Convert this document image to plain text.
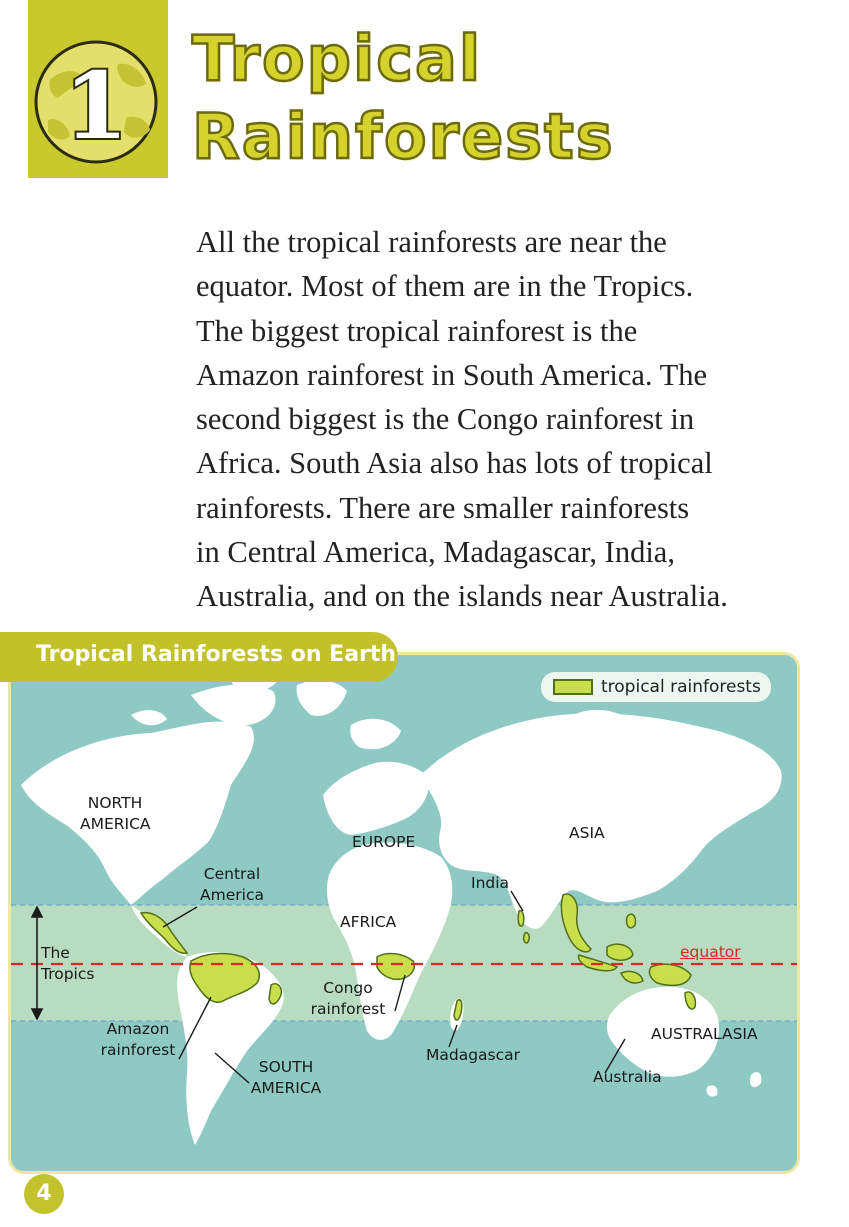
1 Tropical
Rainforests

All the tropical rainforests are near the

equator. Most of them are in the Tropics.

The biggest tropical rainforest is the

Amazon rainforest in South America. The

second biggest is the Congo rainforest in

Africa. South Asia also has lots of tropical

rainforests. There are smaller rainforests

in Central America, Madagascar, India,

Australia, and on the islands near Australia.

Tropical Rainforests on Earth
tropical rainforests
NORTH
AMERICA
Central
America
EUROPE	ASIA
India
AFRICA
The
Tropics
equator
Congo
rainforest
Amazon
rainforest
SOUTH
AMERICA
Madagascar
AUSTRALASIA
Australia
4
